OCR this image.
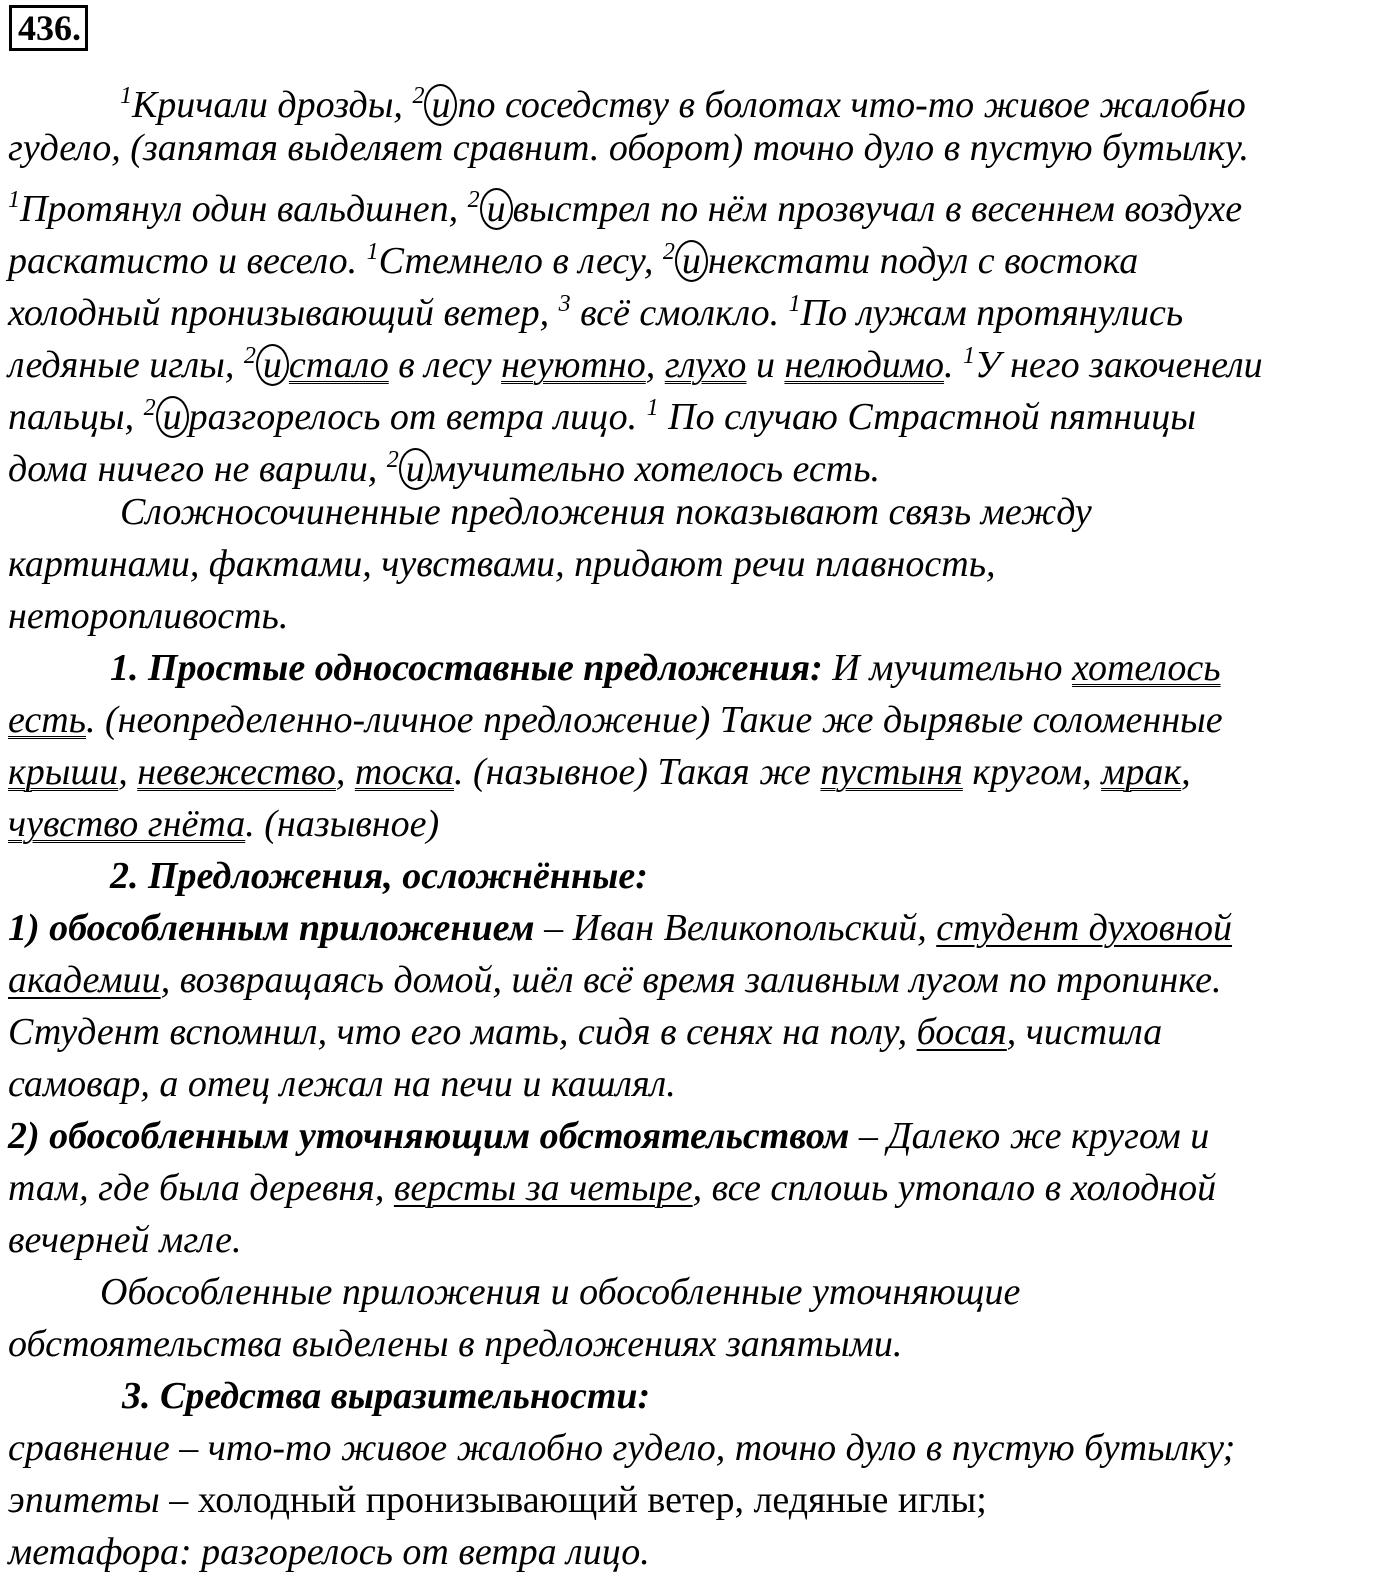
436.
$^1$Кричали дрозды, $^2$ и по соседству в болотах что-то живое жалобно
гудело, (запятая выделяет сравнит. оборот) точно дуло в пустую бутылку.
$^1$Протянул один вальдшнеп, $^2$ и выстрел по нём прозвучал в весеннем воздухе
раскатисто и весело. $^1$Стемнело в лесу, $^2$ и некстати подул с востока
холодный пронизывающий ветер, $^3$ всё смолкло. $^1$По лужам протянулись
ледяные иглы, $^2$ и стало в лесу неуютно, глухо и нелюдимо. $^1$У него закоченели
пальцы, $^2$ и разгорелось от ветра лицо. $^1$ По случаю Страстной пятницы
дома ничего не варили, $^2$ и мучительно хотелось есть.
Сложносочиненные предложения показывают связь между
картинами, фактами, чувствами, придают речи плавность,
неторопливость.
1. Простые односоставные предложения: И мучительно хотелось
есть. (неопределенно-личное предложение) Такие же дырявые соломенные
крыши, невежество, тоска. (назывное) Такая же пустыня кругом, мрак,
чувство гнёта. (назывное)
2. Предложения, осложнённые:
1) обособленным приложением – Иван Великопольский, студент духовной
академии, возвращаясь домой, шёл всё время заливным лугом по тропинке.
Студент вспомнил, что его мать, сидя в сенях на полу, босая, чистила
самовар, а отец лежал на печи и кашлял.
2) обособленным уточняющим обстоятельством – Далеко же кругом и
там, где была деревня, версты за четыре, все сплошь утопало в холодной
вечерней мгле.
Обособленные приложения и обособленные уточняющие
обстоятельства выделены в предложениях запятыми.
3. Средства выразительности:
сравнение – что-то живое жалобно гудело, точно дуло в пустую бутылку;
эпитеты – холодный пронизывающий ветер, ледяные иглы;
метафора: разгорелось от ветра лицо.
